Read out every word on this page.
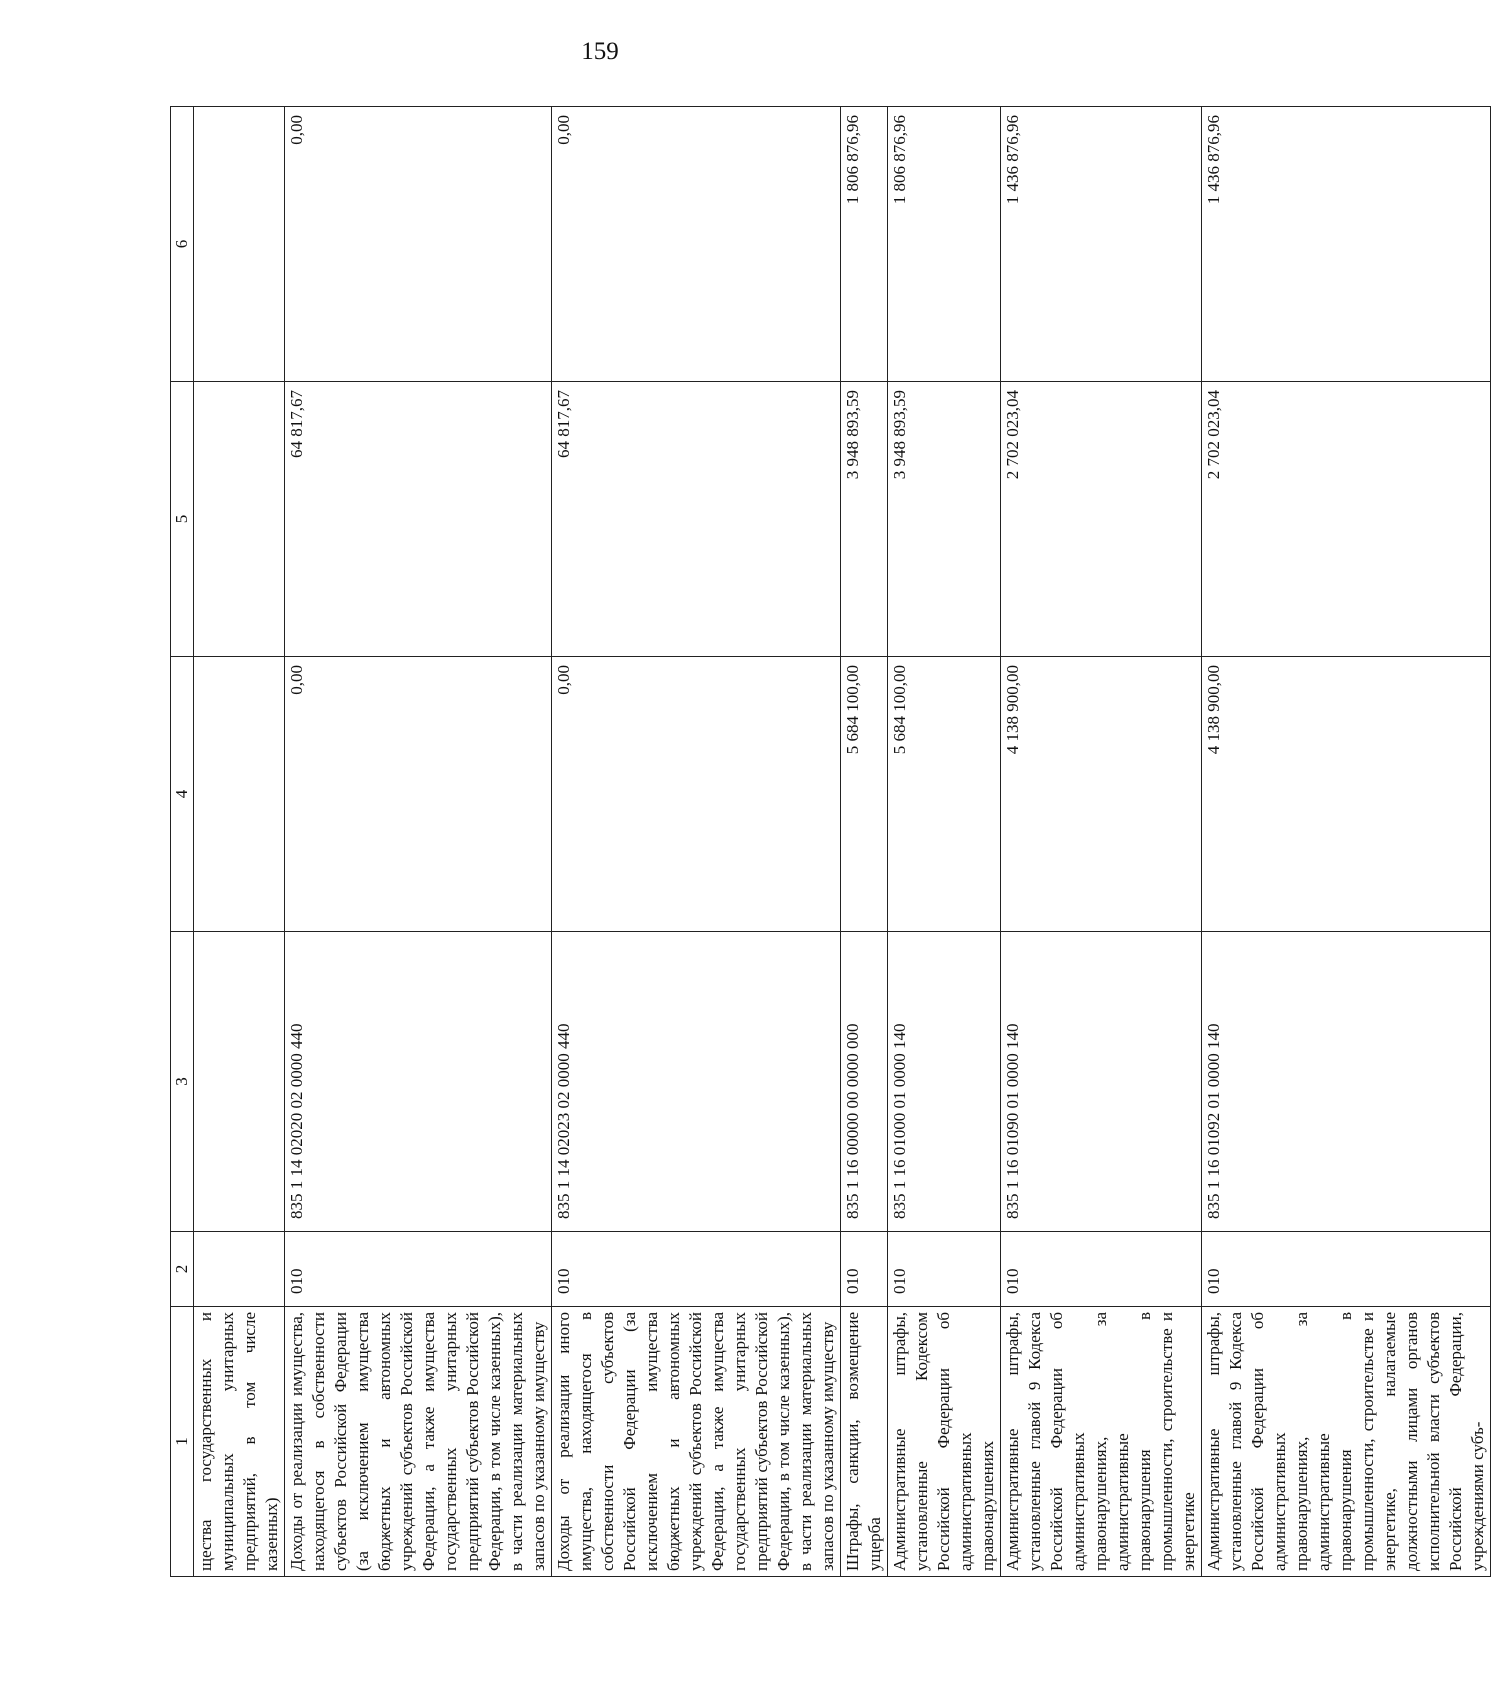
159
1	2	3	4	5	6
щества государственных и муниципальных унитарных предприятий, в том числе казенных)					
Доходы от реализации имущества, находящегося в собственности субъектов Российской Федерации (за исключением имущества бюджетных и автономных учреждений субъектов Российской Федерации, а также имущества государственных унитарных предприятий субъектов Российской Федерации, в том числе казенных), в части реализации материальных запасов по указанному имуществу	010	835 1 14 02020 02 0000 440	0,00	64 817,67	0,00
Доходы от реализации иного имущества, находящегося в собственности субъектов Российской Федерации (за исключением имущества бюджетных и автономных учреждений субъектов Российской Федерации, а также имущества государственных унитарных предприятий субъектов Российской Федерации, в том числе казенных), в части реализации материальных запасов по указанному имуществу	010	835 1 14 02023 02 0000 440	0,00	64 817,67	0,00
Штрафы, санкции, возмещение ущерба	010	835 1 16 00000 00 0000 000	5 684 100,00	3 948 893,59	1 806 876,96
Административные штрафы, установленные Кодексом Российской Федерации об административных правонарушениях	010	835 1 16 01000 01 0000 140	5 684 100,00	3 948 893,59	1 806 876,96
Административные штрафы, установленные главой 9 Кодекса Российской Федерации об административных правонарушениях, за административные правонарушения в промышленности, строительстве и энергетике	010	835 1 16 01090 01 0000 140	4 138 900,00	2 702 023,04	1 436 876,96
Административные штрафы, установленные главой 9 Кодекса Российской Федерации об административных правонарушениях, за административные правонарушения в промышленности, строительстве и энергетике, налагаемые должностными лицами органов исполнительной власти субъектов Российской Федерации, учреждениями субъ-	010	835 1 16 01092 01 0000 140	4 138 900,00	2 702 023,04	1 436 876,96
